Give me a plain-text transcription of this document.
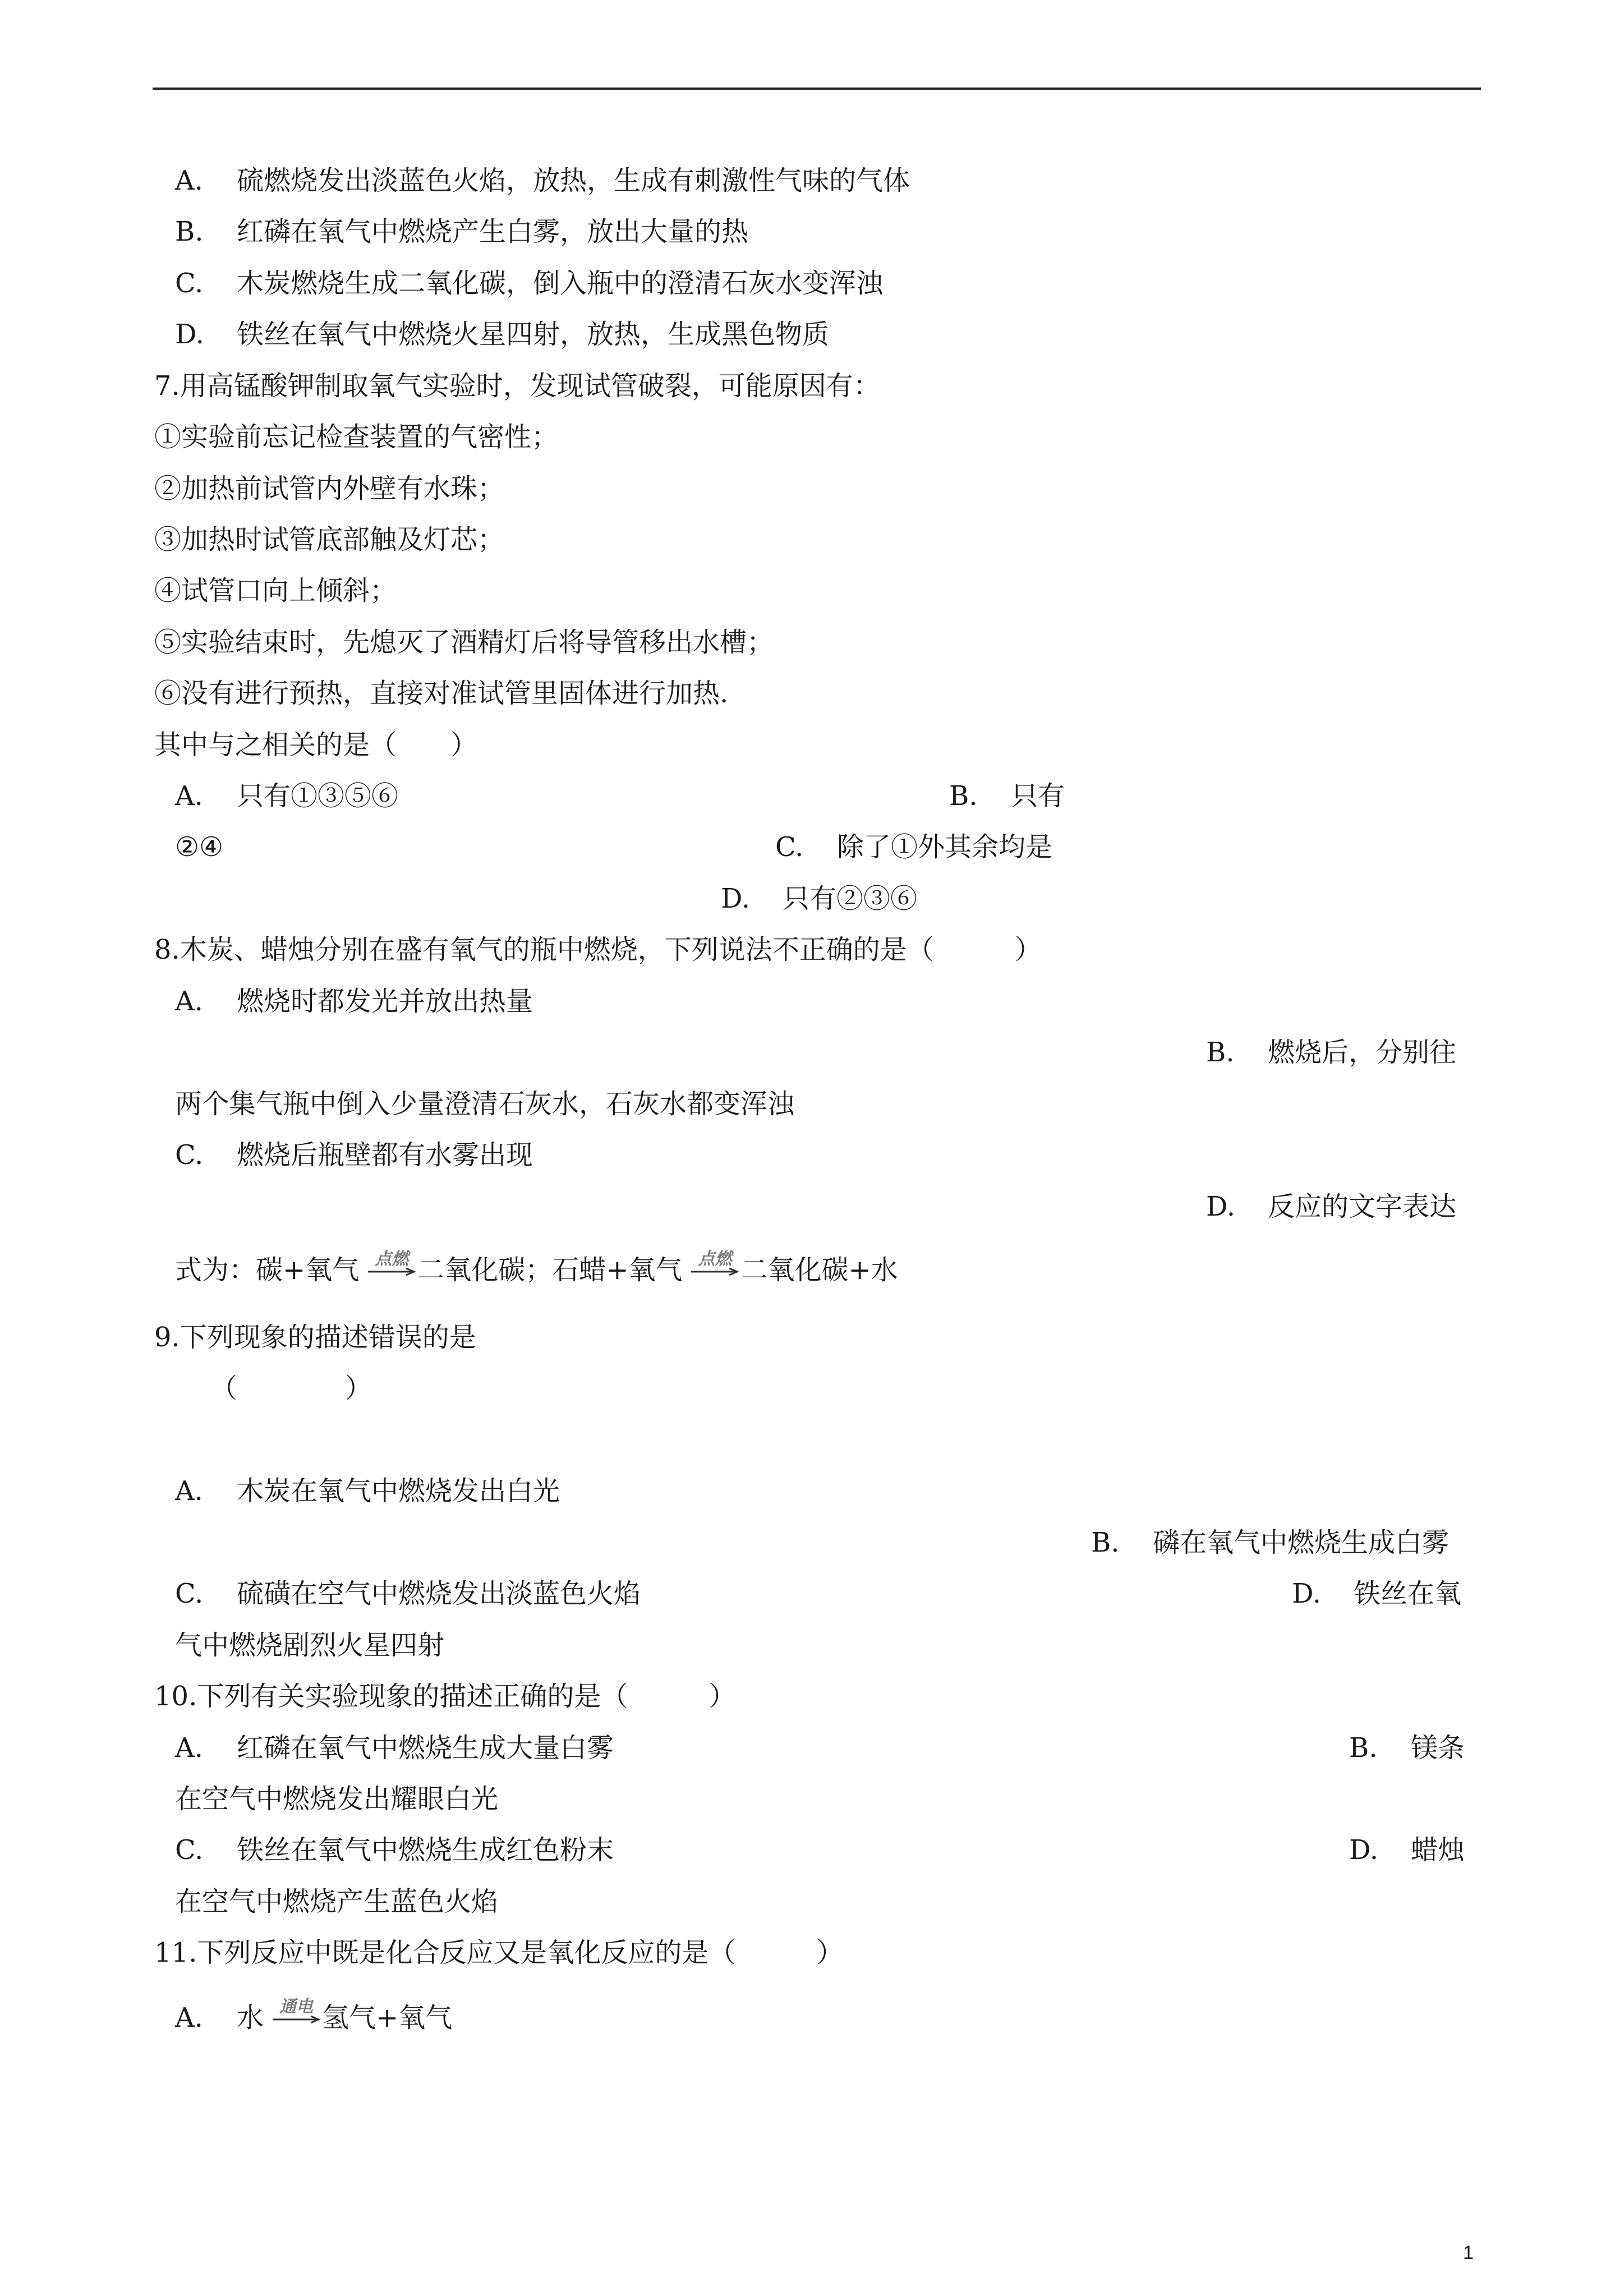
A. 硫燃烧发出淡蓝色火焰，放热，生成有刺激性气味的气体
B. 红磷在氧气中燃烧产生白雾，放出大量的热
C. 木炭燃烧生成二氧化碳，倒入瓶中的澄清石灰水变浑浊
D. 铁丝在氧气中燃烧火星四射，放热，生成黑色物质
7.用高锰酸钾制取氧气实验时，发现试管破裂，可能原因有：
①实验前忘记检查装置的气密性；
②加热前试管内外壁有水珠；
③加热时试管底部触及灯芯；
④试管口向上倾斜；
⑤实验结束时，先熄灭了酒精灯后将导管移出水槽；
⑥没有进行预热，直接对准试管里固体进行加热.
其中与之相关的是（　　）
A. 只有①③⑤⑥	B. 只有
②④	C. 除了①外其余均是
D. 只有②③⑥
8.木炭、蜡烛分别在盛有氧气的瓶中燃烧，下列说法不正确的是（　　　）
A. 燃烧时都发光并放出热量
B. 燃烧后，分别往
两个集气瓶中倒入少量澄清石灰水，石灰水都变浑浊
C. 燃烧后瓶壁都有水雾出现
D. 反应的文字表达
式为：碳+氧气 点燃 二氧化碳；石蜡+氧气 点燃 二氧化碳+水
9.下列现象的描述错误的是
（　　　　）
A. 木炭在氧气中燃烧发出白光
B. 磷在氧气中燃烧生成白雾
C. 硫磺在空气中燃烧发出淡蓝色火焰	D. 铁丝在氧
气中燃烧剧烈火星四射
10.下列有关实验现象的描述正确的是（　　　）
A. 红磷在氧气中燃烧生成大量白雾	B. 镁条
在空气中燃烧发出耀眼白光
C. 铁丝在氧气中燃烧生成红色粉末	D. 蜡烛
在空气中燃烧产生蓝色火焰
11.下列反应中既是化合反应又是氧化反应的是（　　　）
A. 水 通电 氢气+氧气
1
